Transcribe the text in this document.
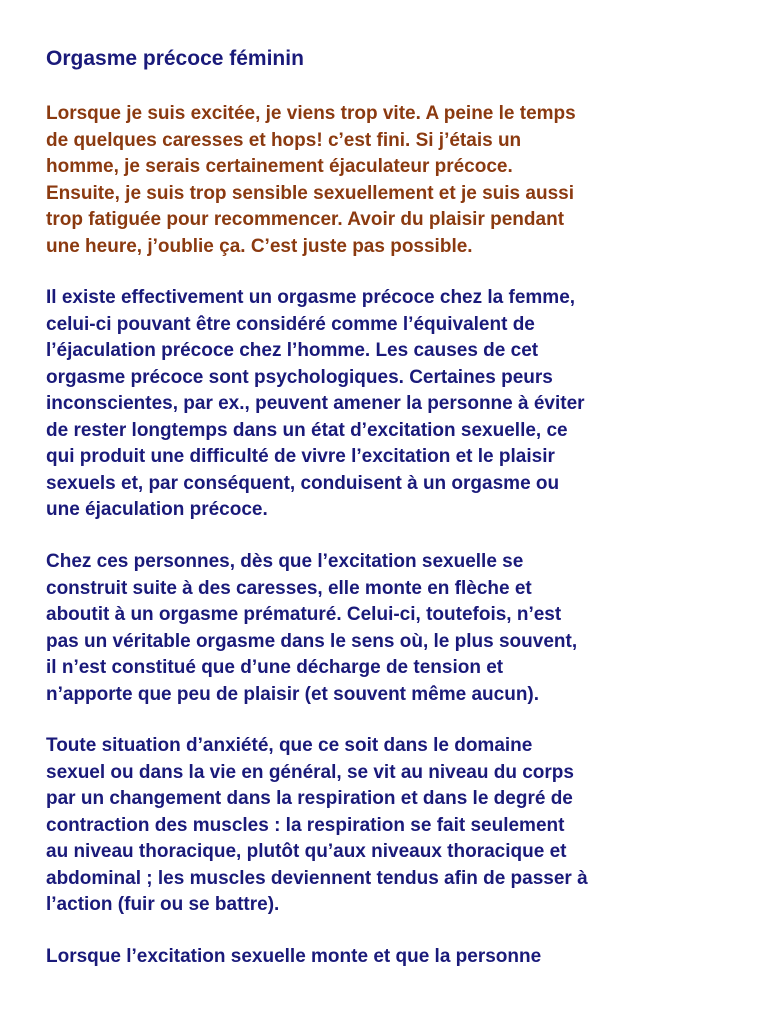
Orgasme précoce féminin
Lorsque je suis excitée, je viens trop vite. A peine le temps
de quelques caresses et hops! c’est fini. Si j’étais un
homme, je serais certainement éjaculateur précoce.
Ensuite, je suis trop sensible sexuellement et je suis aussi
trop fatiguée pour recommencer. Avoir du plaisir pendant
une heure, j’oublie ça. C’est juste pas possible.
Il existe effectivement un orgasme précoce chez la femme,
celui-ci pouvant être considéré comme l’équivalent de
l’éjaculation précoce chez l’homme. Les causes de cet
orgasme précoce sont psychologiques. Certaines peurs
inconscientes, par ex., peuvent amener la personne à éviter
de rester longtemps dans un état d’excitation sexuelle, ce
qui produit une difficulté de vivre l’excitation et le plaisir
sexuels et, par conséquent, conduisent à un orgasme ou
une éjaculation précoce.
Chez ces personnes, dès que l’excitation sexuelle se
construit suite à des caresses, elle monte en flèche et
aboutit à un orgasme prématuré. Celui-ci, toutefois, n’est
pas un véritable orgasme dans le sens où, le plus souvent,
il n’est constitué que d’une décharge de tension et
n’apporte que peu de plaisir (et souvent même aucun).
Toute situation d’anxiété, que ce soit dans le domaine
sexuel ou dans la vie en général, se vit au niveau du corps
par un changement dans la respiration et dans le degré de
contraction des muscles : la respiration se fait seulement
au niveau thoracique, plutôt qu’aux niveaux thoracique et
abdominal ; les muscles deviennent tendus afin de passer à
l’action (fuir ou se battre).
Lorsque l’excitation sexuelle monte et que la personne
